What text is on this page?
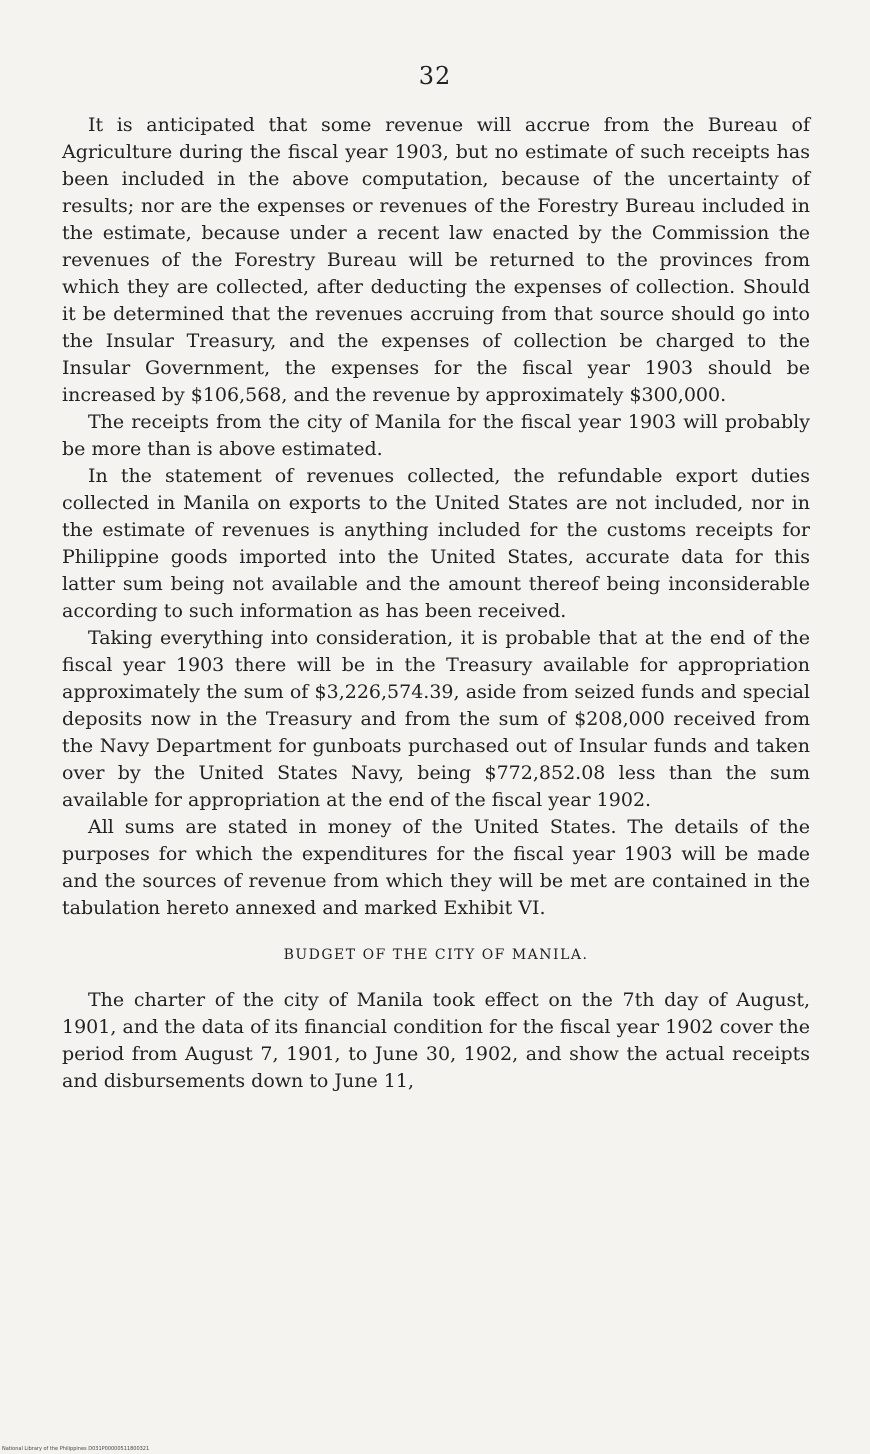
32

It is anticipated that some revenue will accrue from the Bureau of Agriculture during the fiscal year 1903, but no estimate of such receipts has been included in the above computation, because of the uncertainty of results; nor are the expenses or revenues of the Forestry Bureau included in the estimate, because under a recent law enacted by the Commission the revenues of the Forestry Bureau will be returned to the provinces from which they are collected, after deducting the expenses of collection. Should it be determined that the revenues accruing from that source should go into the Insular Treasury, and the expenses of collection be charged to the Insular Government, the expenses for the fiscal year 1903 should be increased by $106,568, and the revenue by approximately $300,000.

The receipts from the city of Manila for the fiscal year 1903 will probably be more than is above estimated.

In the statement of revenues collected, the refundable export duties collected in Manila on exports to the United States are not included, nor in the estimate of revenues is anything included for the customs receipts for Philippine goods imported into the United States, accurate data for this latter sum being not available and the amount thereof being inconsiderable according to such information as has been received.

Taking everything into consideration, it is probable that at the end of the fiscal year 1903 there will be in the Treasury available for appropriation approximately the sum of $3,226,574.39, aside from seized funds and special deposits now in the Treasury and from the sum of $208,000 received from the Navy Department for gunboats purchased out of Insular funds and taken over by the United States Navy, being $772,852.08 less than the sum available for appropriation at the end of the fiscal year 1902.

All sums are stated in money of the United States. The details of the purposes for which the expenditures for the fiscal year 1903 will be made and the sources of revenue from which they will be met are contained in the tabulation hereto annexed and marked Exhibit VI.

BUDGET OF THE CITY OF MANILA.

The charter of the city of Manila took effect on the 7th day of August, 1901, and the data of its financial condition for the fiscal year 1902 cover the period from August 7, 1901, to June 30, 1902, and show the actual receipts and disbursements down to June 11,

National Library of the Philippines D031P00000511800321
